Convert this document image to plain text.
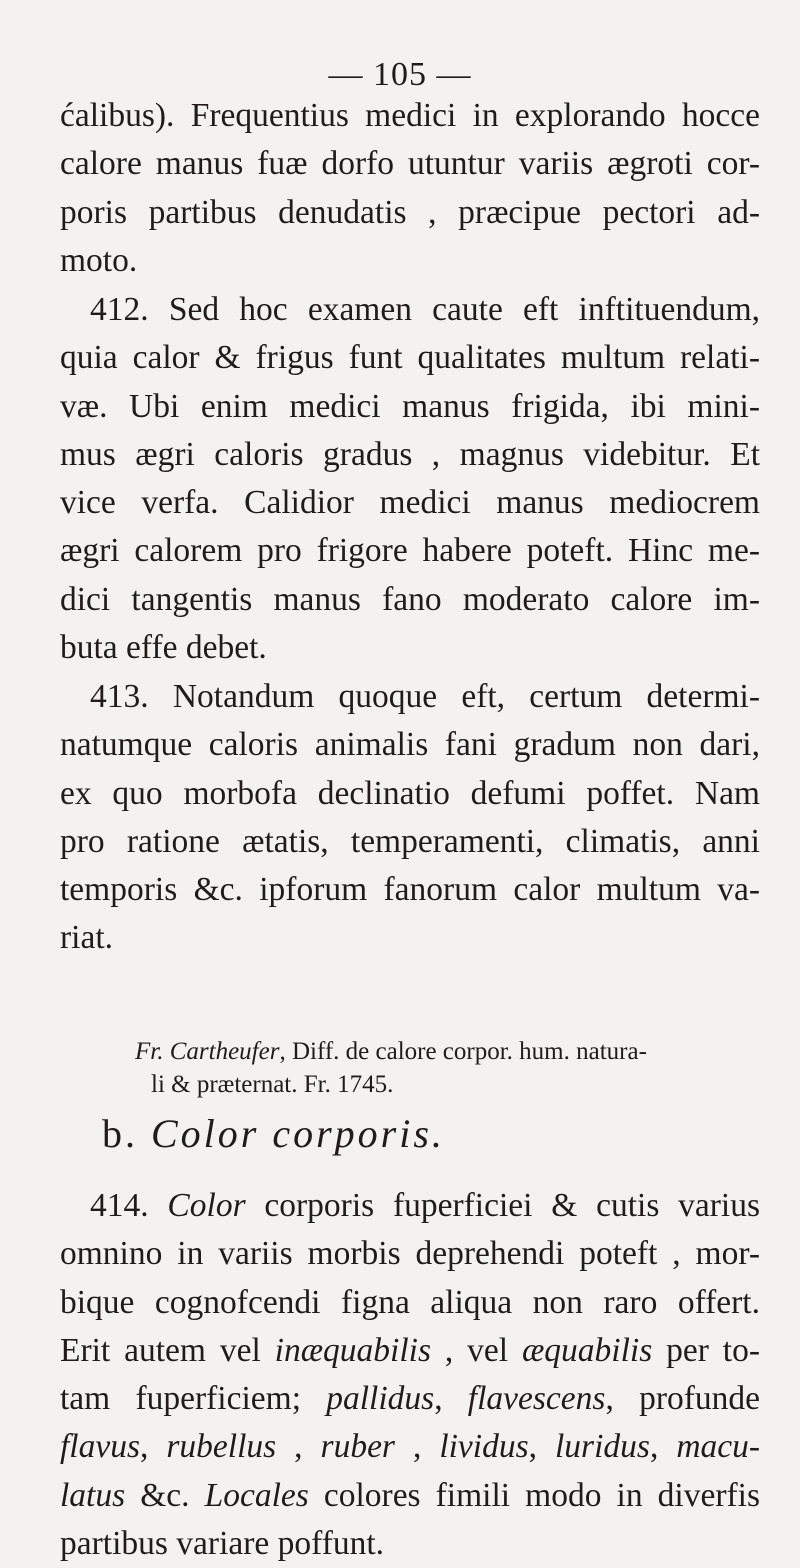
— 105 —

ćalibus). Frequentius medici in explorando hocce

calore manus fuæ dorfo utuntur variis ægroti cor-

poris partibus denudatis , præcipue pectori ad-

moto.

412. Sed hoc examen caute eft inftituendum,

quia calor & frigus funt qualitates multum relati-

væ. Ubi enim medici manus frigida, ibi mini-

mus ægri caloris gradus , magnus videbitur. Et

vice verfa. Calidior medici manus mediocrem

ægri calorem pro frigore habere poteft. Hinc me-

dici tangentis manus fano moderato calore im-

buta effe debet.

413. Notandum quoque eft, certum determi-

natumque caloris animalis fani gradum non dari,

ex quo morbofa declinatio defumi poffet. Nam

pro ratione ætatis, temperamenti, climatis, anni

temporis &c. ipforum fanorum calor multum va-

riat.

Fr. Cartheufer, Diff. de calore corpor. hum. natura-
li & præternat. Fr. 1745.
b. Color corporis.

414. Color corporis fuperficiei & cutis varius

omnino in variis morbis deprehendi poteft , mor-

bique cognofcendi figna aliqua non raro offert.

Erit autem vel inæquabilis , vel æquabilis per to-

tam fuperficiem; pallidus, flavescens, profunde

flavus, rubellus , ruber , lividus, luridus, macu-

latus &c. Locales colores fimili modo in diverfis

partibus variare poffunt.
